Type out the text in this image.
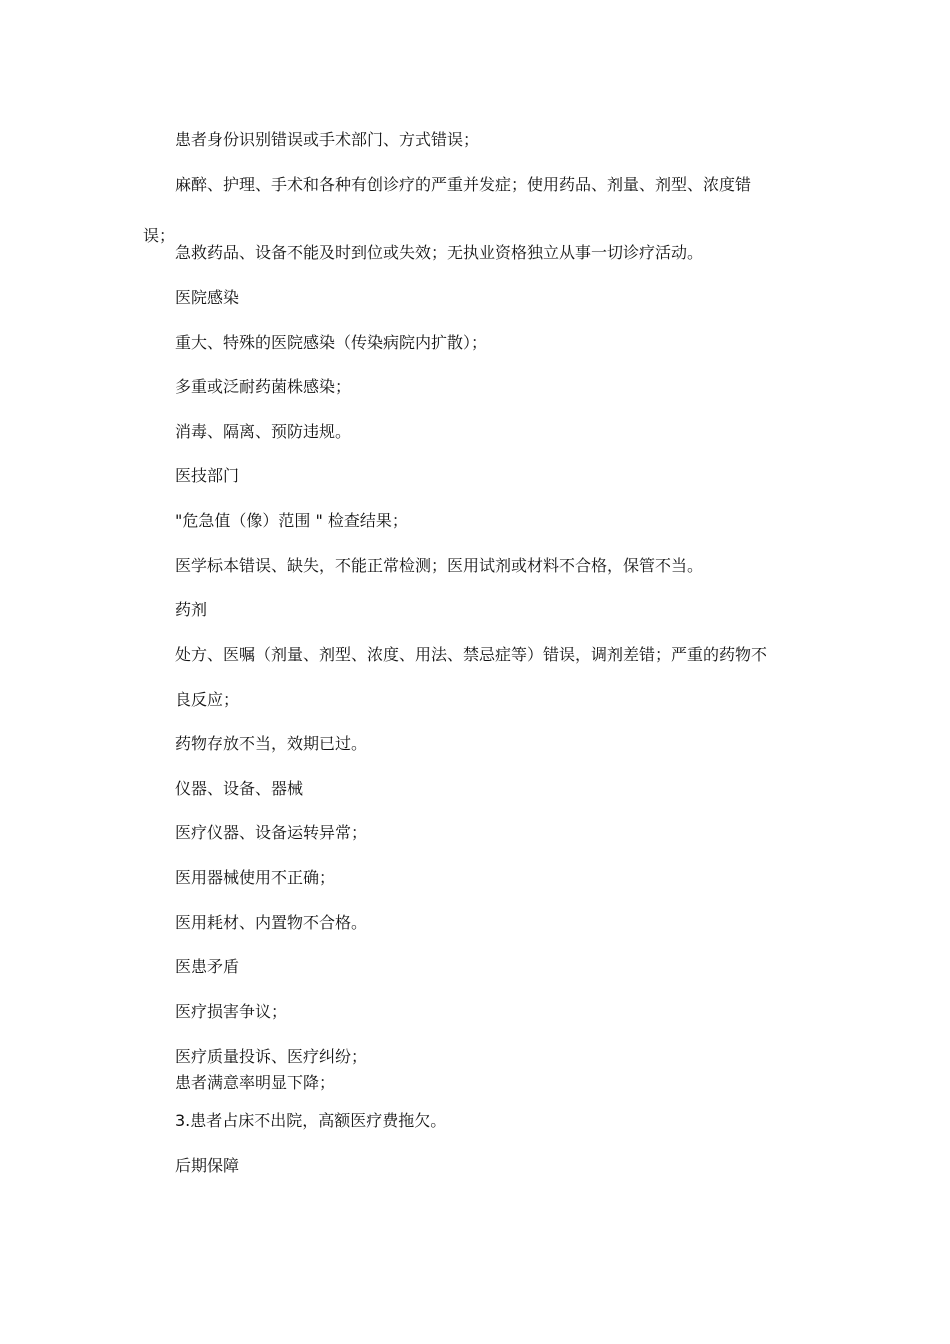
患者身份识别错误或手术部门、方式错误；

麻醉、护理、手术和各种有创诊疗的严重并发症；使用药品、剂量、剂型、浓度错

误；

急救药品、设备不能及时到位或失效；无执业资格独立从事一切诊疗活动。

医院感染

重大、特殊的医院感染（传染病院内扩散）；

多重或泛耐药菌株感染；

消毒、隔离、预防违规。

医技部门

"危急值（像）范围 " 检查结果；

医学标本错误、缺失，不能正常检测；医用试剂或材料不合格，保管不当。

药剂

处方、医嘱（剂量、剂型、浓度、用法、禁忌症等）错误，调剂差错；严重的药物不

良反应；

药物存放不当，效期已过。

仪器、设备、器械

医疗仪器、设备运转异常；

医用器械使用不正确；

医用耗材、内置物不合格。

医患矛盾

医疗损害争议；

医疗质量投诉、医疗纠纷；

患者满意率明显下降；

3.患者占床不出院，高额医疗费拖欠。

后期保障
